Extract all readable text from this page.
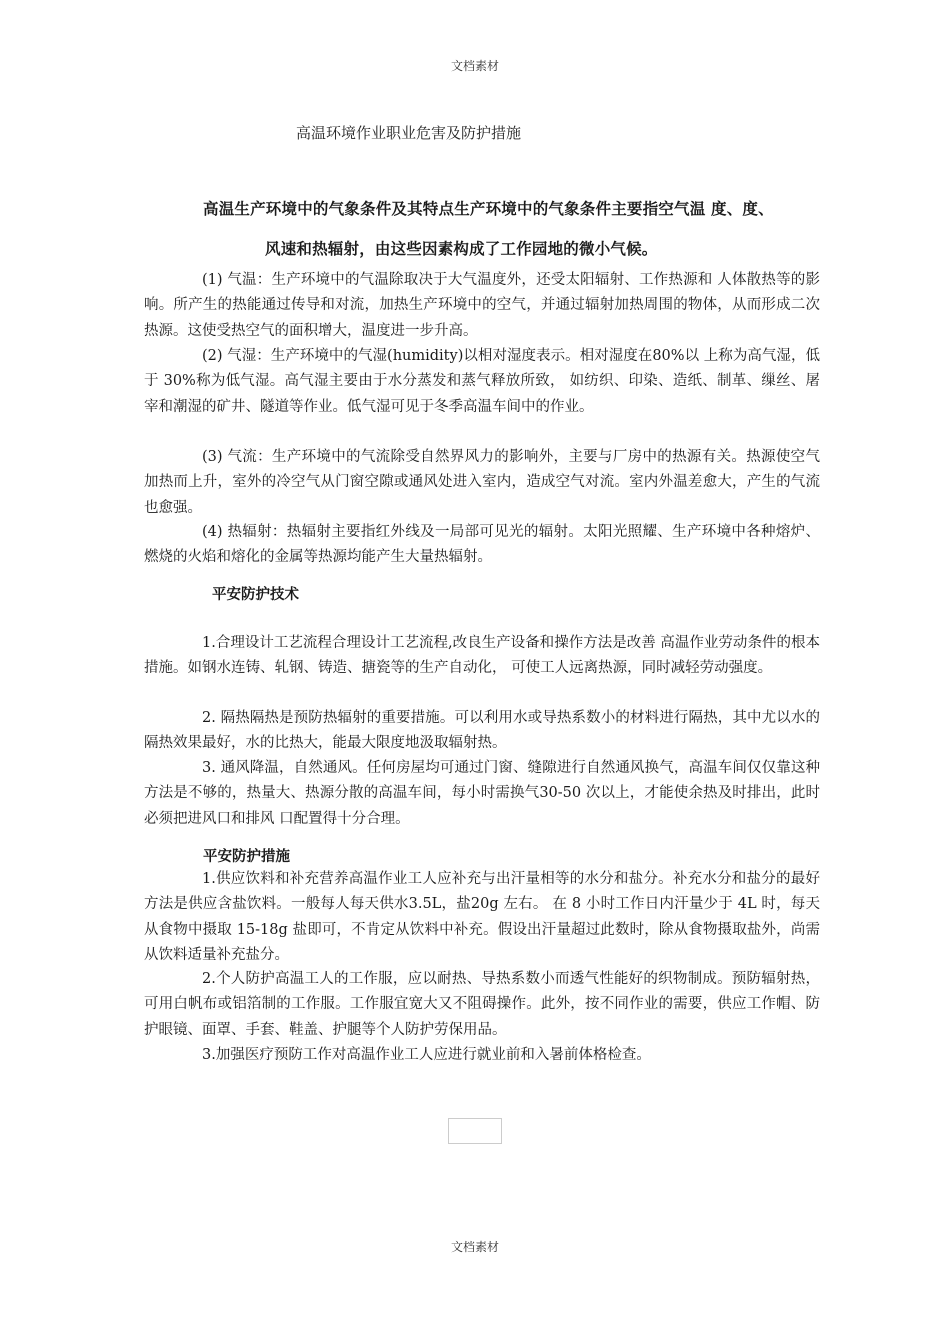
文档素材
高温环境作业职业危害及防护措施
高温生产环境中的气象条件及其特点生产环境中的气象条件主要指空气温 度、度、
风速和热辐射，由这些因素构成了工作园地的微小气候。
(1) 气温：生产环境中的气温除取决于大气温度外，还受太阳辐射、工作热源和 人体散热等的影响。所产生的热能通过传导和对流，加热生产环境中的空气，并通过辐射加热周围的物体，从而形成二次热源。这使受热空气的面积增大，温度进一步升高。
(2) 气湿：生产环境中的气湿(humidity)以相对湿度表示。相对湿度在80%以 上称为高气湿，低于 30%称为低气湿。高气湿主要由于水分蒸发和蒸气释放所致， 如纺织、印染、造纸、制革、缫丝、屠宰和潮湿的矿井、隧道等作业。低气湿可见于冬季高温车间中的作业。
(3) 气流：生产环境中的气流除受自然界风力的影响外，主要与厂房中的热源有关。热源使空气加热而上升，室外的冷空气从门窗空隙或通风处进入室内，造成空气对流。室内外温差愈大，产生的气流也愈强。
(4) 热辐射：热辐射主要指红外线及一局部可见光的辐射。太阳光照耀、生产环境中各种熔炉、燃烧的火焰和熔化的金属等热源均能产生大量热辐射。
平安防护技术
1.合理设计工艺流程合理设计工艺流程,改良生产设备和操作方法是改善 高温作业劳动条件的根本措施。如钢水连铸、轧钢、铸造、搪瓷等的生产自动化， 可使工人远离热源，同时减轻劳动强度。
2. 隔热隔热是预防热辐射的重要措施。可以利用水或导热系数小的材料进行隔热，其中尤以水的隔热效果最好，水的比热大，能最大限度地汲取辐射热。
3. 通风降温，自然通风。任何房屋均可通过门窗、缝隙进行自然通风换气，高温车间仅仅靠这种方法是不够的，热量大、热源分散的高温车间，每小时需换气30-50 次以上，才能使余热及时排出，此时必须把进风口和排风 口配置得十分合理。
平安防护措施
1.供应饮料和补充营养高温作业工人应补充与出汗量相等的水分和盐分。补充水分和盐分的最好方法是供应含盐饮料。一般每人每天供水3.5L，盐20g 左右。 在 8 小时工作日内汗量少于 4L 时，每天从食物中摄取 15-18g 盐即可，不肯定从饮料中补充。假设出汗量超过此数时，除从食物摄取盐外，尚需从饮料适量补充盐分。
2.个人防护高温工人的工作服，应以耐热、导热系数小而透气性能好的织物制成。预防辐射热，可用白帆布或铝箔制的工作服。工作服宜宽大又不阻碍操作。此外，按不同作业的需要，供应工作帽、防护眼镜、面罩、手套、鞋盖、护腿等个人防护劳保用品。
3.加强医疗预防工作对高温作业工人应进行就业前和入暑前体格检查。
文档素材
